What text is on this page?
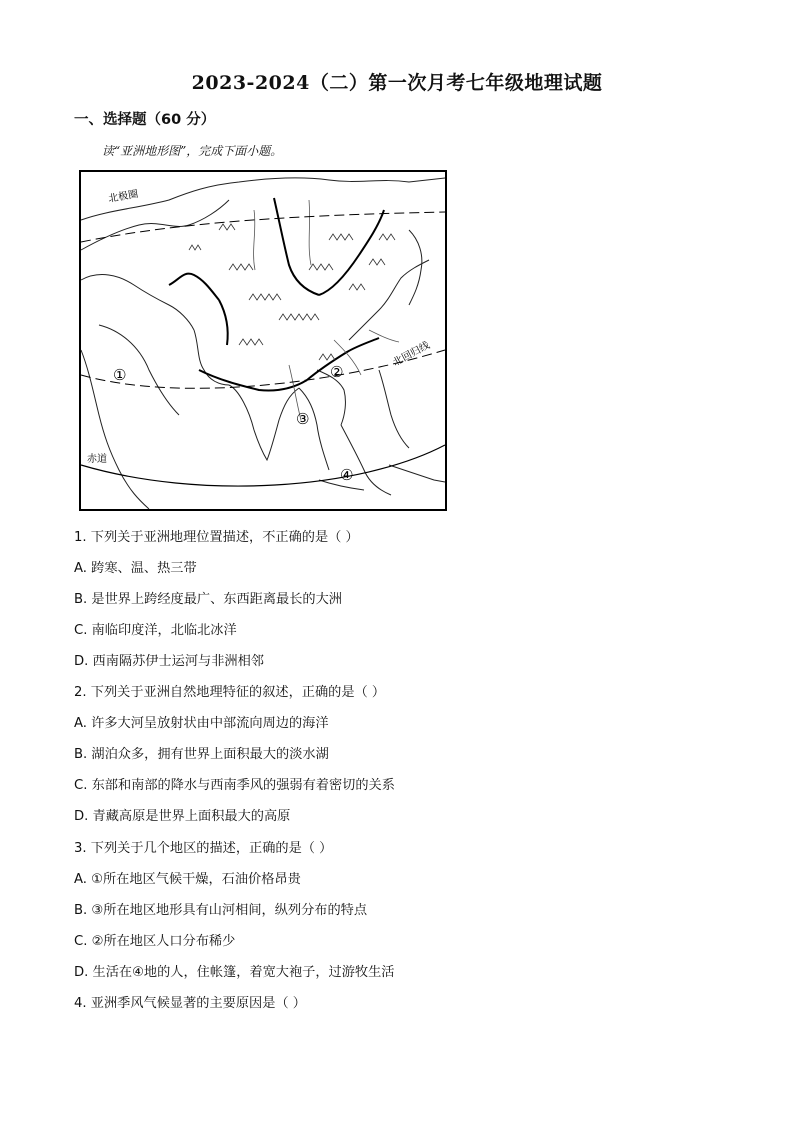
2023-2024（二）第一次月考七年级地理试题
一、选择题（60 分）
读“亚洲地形图”，完成下面小题。
北极圈
北回归线
赤道
①	②
③
④
1. 下列关于亚洲地理位置描述，不正确的是（ ）
A. 跨寒、温、热三带
B. 是世界上跨经度最广、东西距离最长的大洲
C. 南临印度洋，北临北冰洋
D. 西南隔苏伊士运河与非洲相邻
2. 下列关于亚洲自然地理特征的叙述，正确的是（ ）
A. 许多大河呈放射状由中部流向周边的海洋
B. 湖泊众多，拥有世界上面积最大的淡水湖
C. 东部和南部的降水与西南季风的强弱有着密切的关系
D. 青藏高原是世界上面积最大的高原
3. 下列关于几个地区的描述，正确的是（ ）
A. ①所在地区气候干燥，石油价格昂贵
B. ③所在地区地形具有山河相间，纵列分布的特点
C. ②所在地区人口分布稀少
D. 生活在④地的人，住帐篷，着宽大袍子，过游牧生活
4. 亚洲季风气候显著的主要原因是（ ）
